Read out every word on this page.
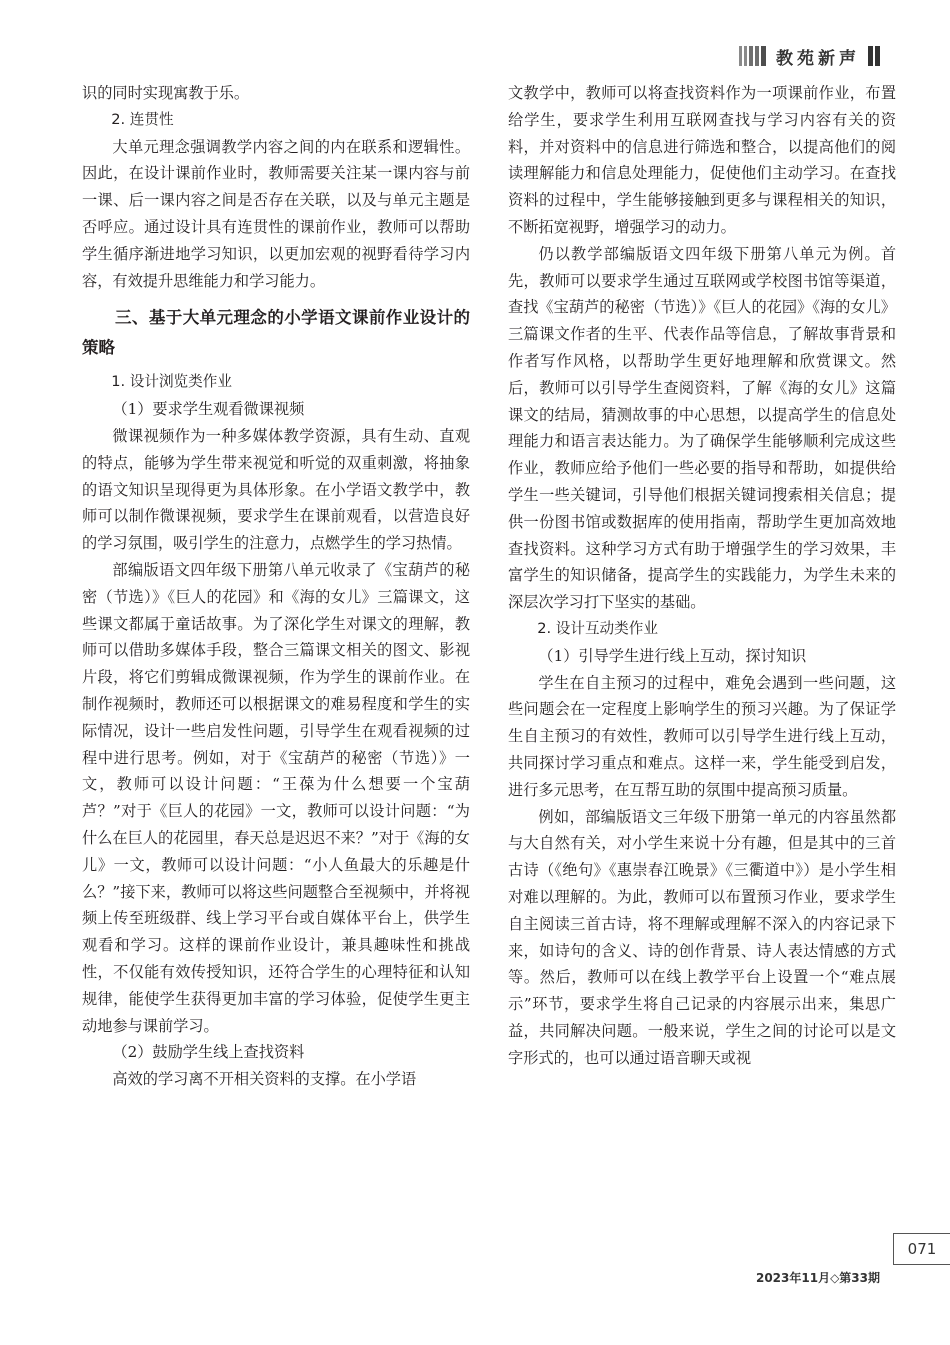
教苑新声

识的同时实现寓教于乐。

2. 连贯性

大单元理念强调教学内容之间的内在联系和逻辑性。因此，在设计课前作业时，教师需要关注某一课内容与前一课、后一课内容之间是否存在关联，以及与单元主题是否呼应。通过设计具有连贯性的课前作业，教师可以帮助学生循序渐进地学习知识，以更加宏观的视野看待学习内容，有效提升思维能力和学习能力。

三、基于大单元理念的小学语文课前作业设计的策略

1. 设计浏览类作业

（1）要求学生观看微课视频

微课视频作为一种多媒体教学资源，具有生动、直观的特点，能够为学生带来视觉和听觉的双重刺激，将抽象的语文知识呈现得更为具体形象。在小学语文教学中，教师可以制作微课视频，要求学生在课前观看，以营造良好的学习氛围，吸引学生的注意力，点燃学生的学习热情。

部编版语文四年级下册第八单元收录了《宝葫芦的秘密（节选）》《巨人的花园》和《海的女儿》三篇课文，这些课文都属于童话故事。为了深化学生对课文的理解，教师可以借助多媒体手段，整合三篇课文相关的图文、影视片段，将它们剪辑成微课视频，作为学生的课前作业。在制作视频时，教师还可以根据课文的难易程度和学生的实际情况，设计一些启发性问题，引导学生在观看视频的过程中进行思考。例如，对于《宝葫芦的秘密（节选）》一文，教师可以设计问题：“王葆为什么想要一个宝葫芦？”对于《巨人的花园》一文，教师可以设计问题：“为什么在巨人的花园里，春天总是迟迟不来？”对于《海的女儿》一文，教师可以设计问题：“小人鱼最大的乐趣是什么？”接下来，教师可以将这些问题整合至视频中，并将视频上传至班级群、线上学习平台或自媒体平台上，供学生观看和学习。这样的课前作业设计，兼具趣味性和挑战性，不仅能有效传授知识，还符合学生的心理特征和认知规律，能使学生获得更加丰富的学习体验，促使学生更主动地参与课前学习。

（2）鼓励学生线上查找资料

高效的学习离不开相关资料的支撑。在小学语

文教学中，教师可以将查找资料作为一项课前作业，布置给学生，要求学生利用互联网查找与学习内容有关的资料，并对资料中的信息进行筛选和整合，以提高他们的阅读理解能力和信息处理能力，促使他们主动学习。在查找资料的过程中，学生能够接触到更多与课程相关的知识，不断拓宽视野，增强学习的动力。

仍以教学部编版语文四年级下册第八单元为例。首先，教师可以要求学生通过互联网或学校图书馆等渠道，查找《宝葫芦的秘密（节选）》《巨人的花园》《海的女儿》三篇课文作者的生平、代表作品等信息，了解故事背景和作者写作风格，以帮助学生更好地理解和欣赏课文。然后，教师可以引导学生查阅资料，了解《海的女儿》这篇课文的结局，猜测故事的中心思想，以提高学生的信息处理能力和语言表达能力。为了确保学生能够顺利完成这些作业，教师应给予他们一些必要的指导和帮助，如提供给学生一些关键词，引导他们根据关键词搜索相关信息；提供一份图书馆或数据库的使用指南，帮助学生更加高效地查找资料。这种学习方式有助于增强学生的学习效果，丰富学生的知识储备，提高学生的实践能力，为学生未来的深层次学习打下坚实的基础。

2. 设计互动类作业

（1）引导学生进行线上互动，探讨知识

学生在自主预习的过程中，难免会遇到一些问题，这些问题会在一定程度上影响学生的预习兴趣。为了保证学生自主预习的有效性，教师可以引导学生进行线上互动，共同探讨学习重点和难点。这样一来，学生能受到启发，进行多元思考，在互帮互助的氛围中提高预习质量。

例如，部编版语文三年级下册第一单元的内容虽然都与大自然有关，对小学生来说十分有趣，但是其中的三首古诗（《绝句》《惠崇春江晚景》《三衢道中》）是小学生相对难以理解的。为此，教师可以布置预习作业，要求学生自主阅读三首古诗，将不理解或理解不深入的内容记录下来，如诗句的含义、诗的创作背景、诗人表达情感的方式等。然后，教师可以在线上教学平台上设置一个“难点展示”环节，要求学生将自己记录的内容展示出来，集思广益，共同解决问题。一般来说，学生之间的讨论可以是文字形式的，也可以通过语音聊天或视

071
2023年11月◇第33期
